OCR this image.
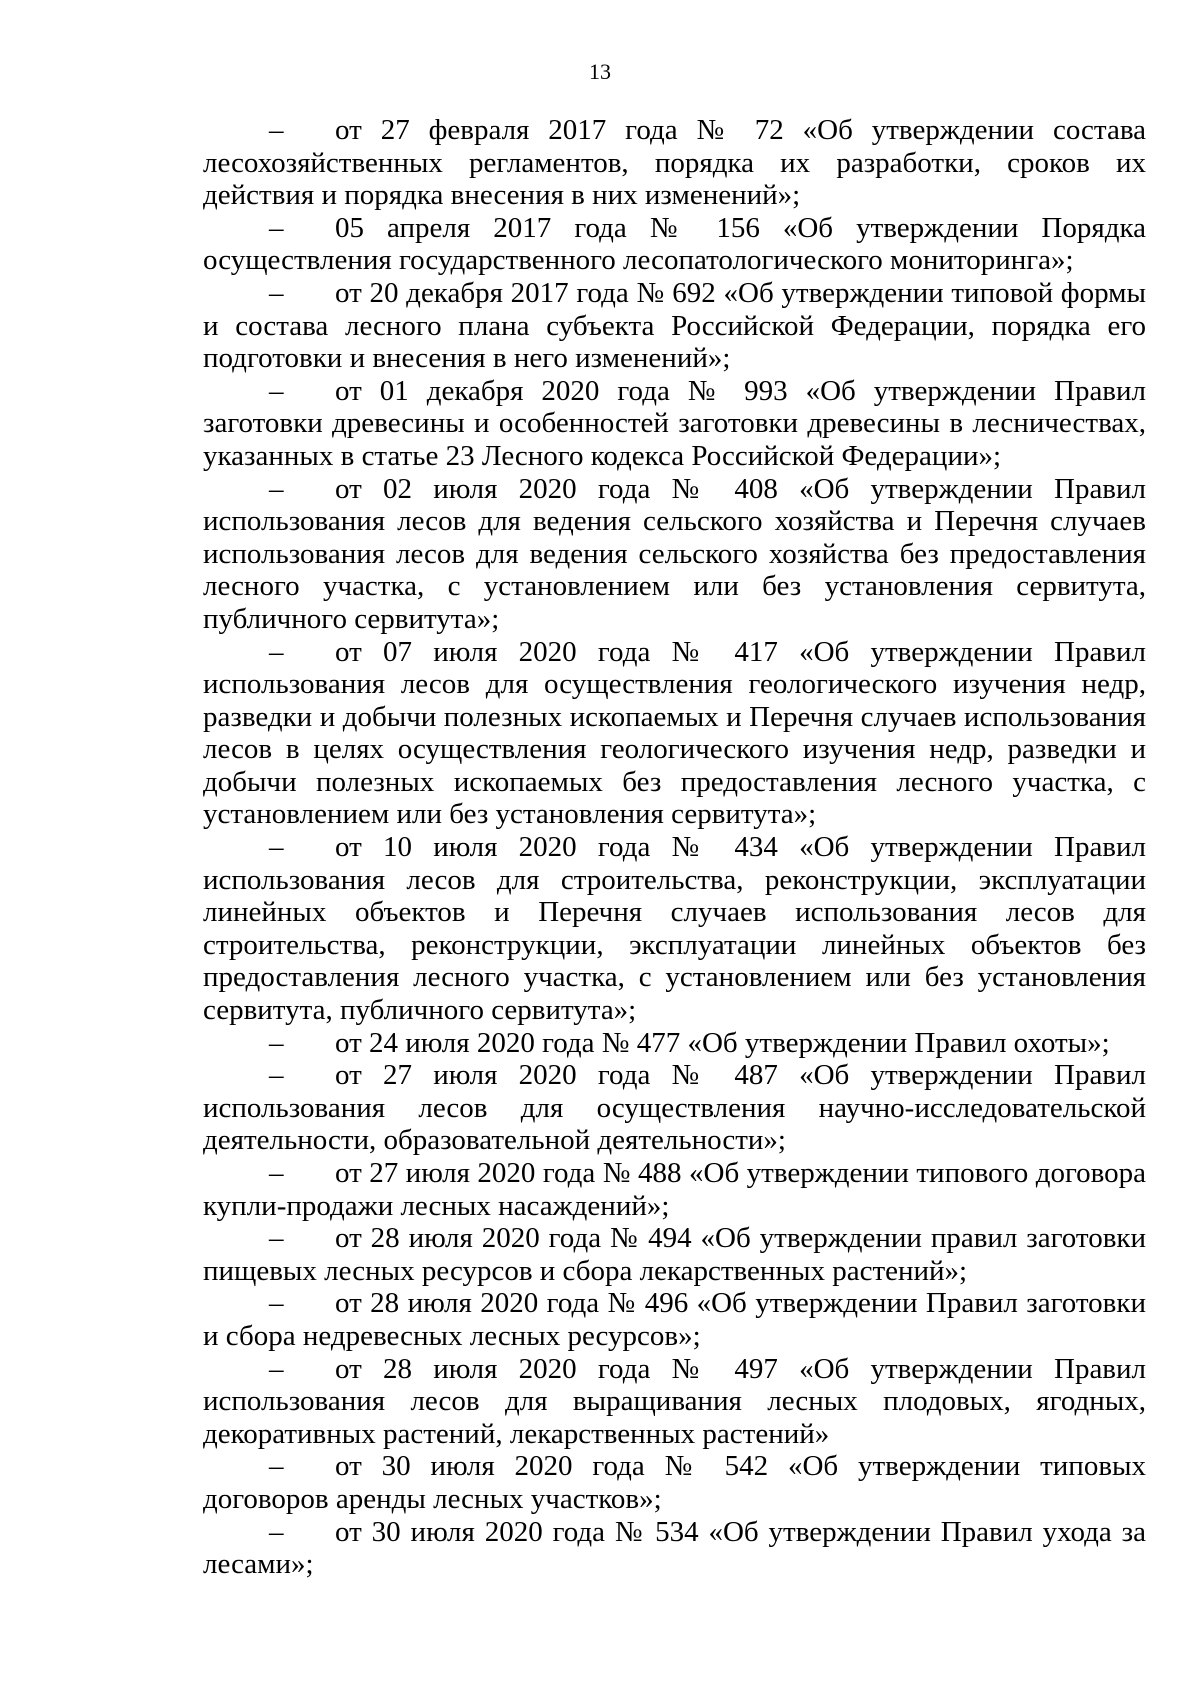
13

– от 27 февраля 2017 года № 72 «Об утверждении состава лесохозяйственных регламентов, порядка их разработки, сроков их действия и порядка внесения в них изменений»;

– 05 апреля 2017 года № 156 «Об утверждении Порядка осуществления государственного лесопатологического мониторинга»;

– от 20 декабря 2017 года № 692 «Об утверждении типовой формы и состава лесного плана субъекта Российской Федерации, порядка его подготовки и внесения в него изменений»;

– от 01 декабря 2020 года № 993 «Об утверждении Правил заготовки древесины и особенностей заготовки древесины в лесничествах, указанных в статье 23 Лесного кодекса Российской Федерации»;

– от 02 июля 2020 года № 408 «Об утверждении Правил использования лесов для ведения сельского хозяйства и Перечня случаев использования лесов для ведения сельского хозяйства без предоставления лесного участка, с установлением или без установления сервитута, публичного сервитута»;

– от 07 июля 2020 года № 417 «Об утверждении Правил использования лесов для осуществления геологического изучения недр, разведки и добычи полезных ископаемых и Перечня случаев использования лесов в целях осуществления геологического изучения недр, разведки и добычи полезных ископаемых без предоставления лесного участка, с установлением или без установления сервитута»;

– от 10 июля 2020 года № 434 «Об утверждении Правил использования лесов для строительства, реконструкции, эксплуатации линейных объектов и Перечня случаев использования лесов для строительства, реконструкции, эксплуатации линейных объектов без предоставления лесного участка, с установлением или без установления сервитута, публичного сервитута»;

– от 24 июля 2020 года № 477 «Об утверждении Правил охоты»;

– от 27 июля 2020 года № 487 «Об утверждении Правил использования лесов для осуществления научно-исследовательской деятельности, образовательной деятельности»;

– от 27 июля 2020 года № 488 «Об утверждении типового договора купли-продажи лесных насаждений»;

– от 28 июля 2020 года № 494 «Об утверждении правил заготовки пищевых лесных ресурсов и сбора лекарственных растений»;

– от 28 июля 2020 года № 496 «Об утверждении Правил заготовки и сбора недревесных лесных ресурсов»;

– от 28 июля 2020 года № 497 «Об утверждении Правил использования лесов для выращивания лесных плодовых, ягодных, декоративных растений, лекарственных растений»

– от 30 июля 2020 года № 542 «Об утверждении типовых договоров аренды лесных участков»;

– от 30 июля 2020 года № 534 «Об утверждении Правил ухода за лесами»;
